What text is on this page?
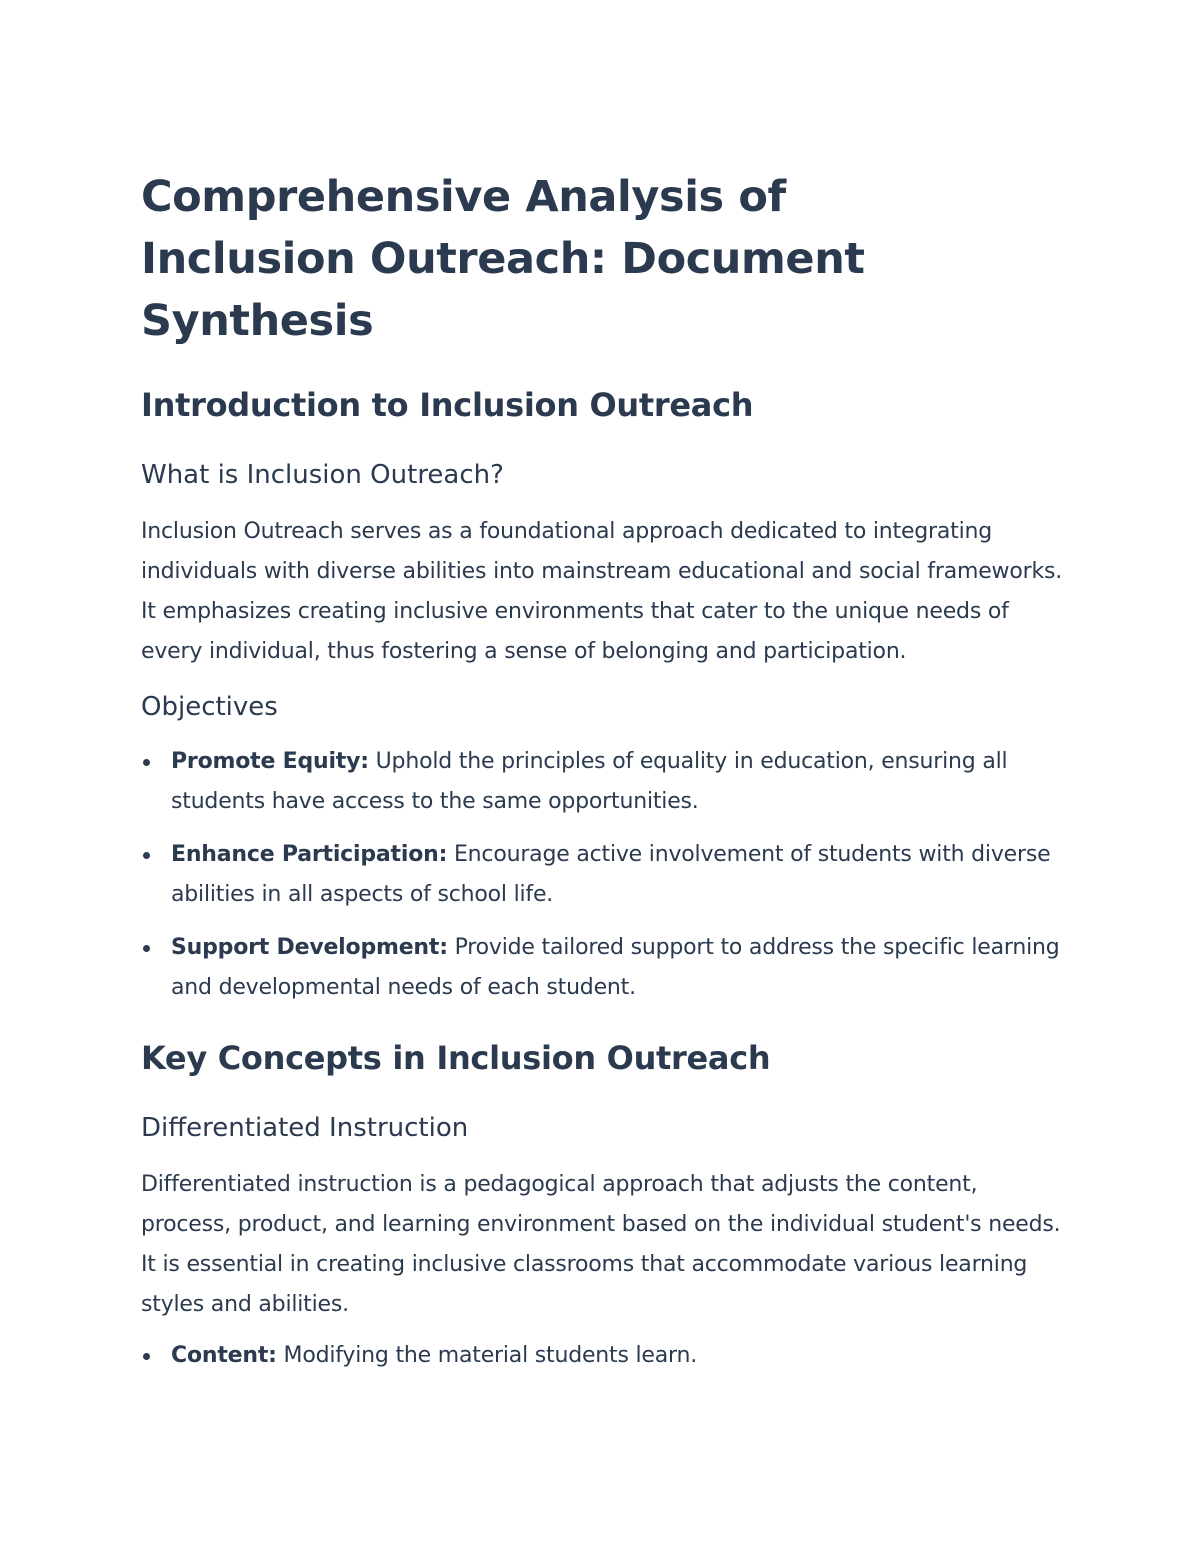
Comprehensive Analysis of Inclusion Outreach: Document Synthesis
Introduction to Inclusion Outreach
What is Inclusion Outreach?

Inclusion Outreach serves as a foundational approach dedicated to integrating individuals with diverse abilities into mainstream educational and social frameworks. It emphasizes creating inclusive environments that cater to the unique needs of every individual, thus fostering a sense of belonging and participation.

Objectives
Promote Equity: Uphold the principles of equality in education, ensuring all students have access to the same opportunities.
Enhance Participation: Encourage active involvement of students with diverse abilities in all aspects of school life.
Support Development: Provide tailored support to address the specific learning and developmental needs of each student.
Key Concepts in Inclusion Outreach
Differentiated Instruction

Differentiated instruction is a pedagogical approach that adjusts the content, process, product, and learning environment based on the individual student's needs. It is essential in creating inclusive classrooms that accommodate various learning styles and abilities.

Content: Modifying the material students learn.
